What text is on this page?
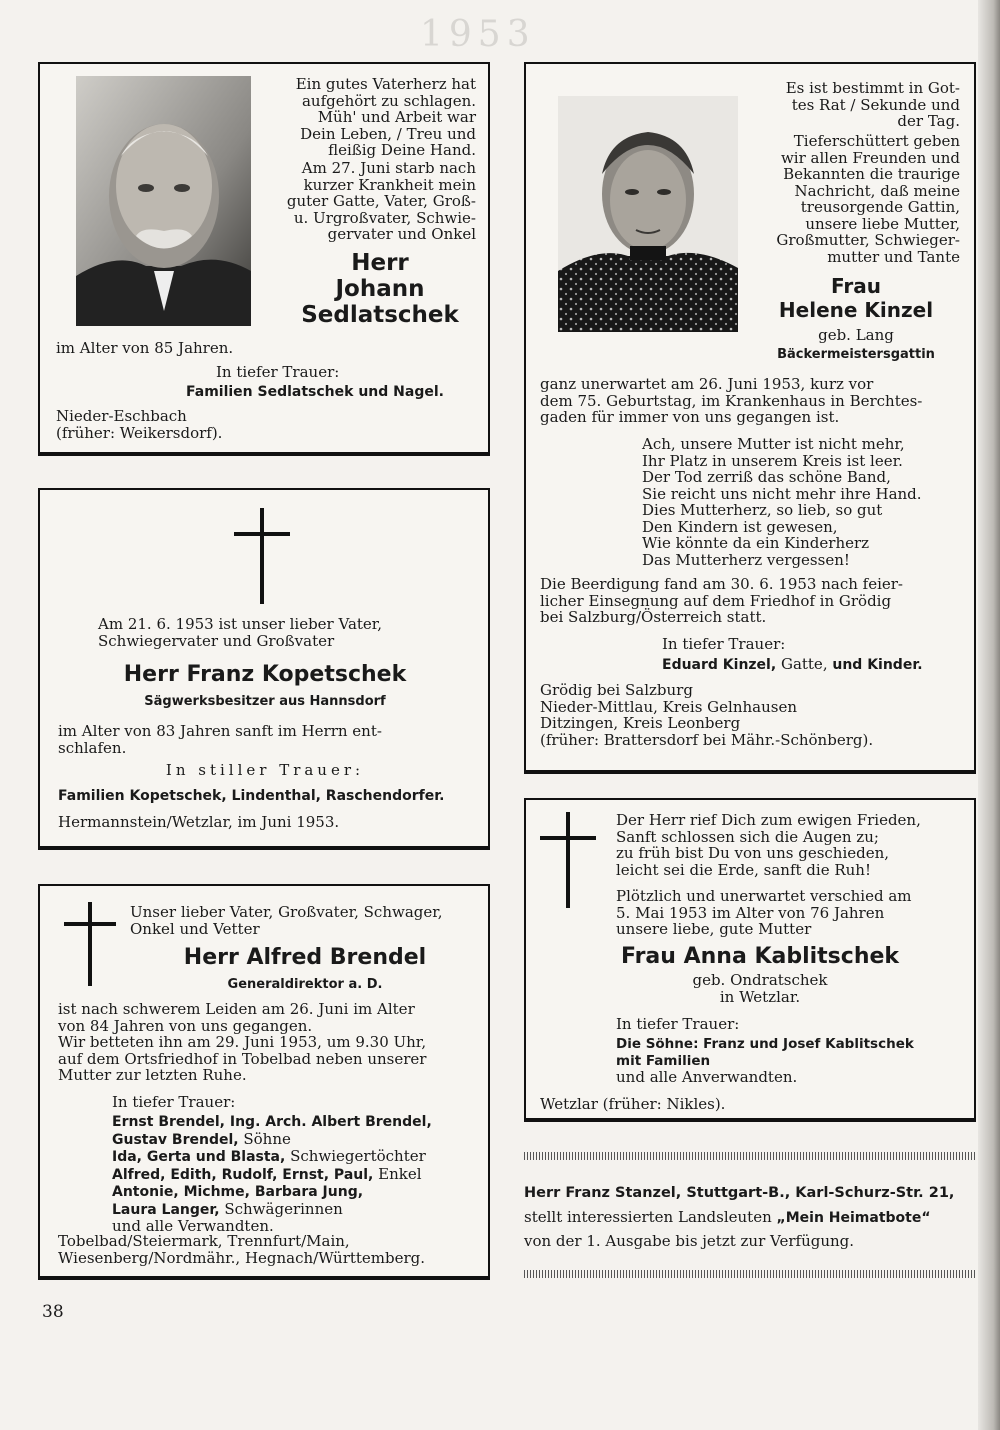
1953
Ein gutes Vaterherz hat
aufgehört zu schlagen.
Müh' und Arbeit war
Dein Leben, / Treu und
fleißig Deine Hand.
Am 27. Juni starb nach
kurzer Krankheit mein
guter Gatte, Vater, Groß-
u. Urgroßvater, Schwie-
gervater und Onkel
Herr
Johann
Sedlatschek
im Alter von 85 Jahren.
In tiefer Trauer:
Familien Sedlatschek und Nagel.
Nieder-Eschbach
(früher: Weikersdorf).
Am 21. 6. 1953 ist unser lieber Vater,
Schwiegervater und Großvater
Herr Franz Kopetschek
Sägwerksbesitzer aus Hannsdorf
im Alter von 83 Jahren sanft im Herrn ent-
schlafen.
In stiller Trauer:
Familien Kopetschek, Lindenthal, Raschendorfer.
Hermannstein/Wetzlar, im Juni 1953.
Unser lieber Vater, Großvater, Schwager,
Onkel und Vetter
Herr Alfred Brendel
Generaldirektor a. D.
ist nach schwerem Leiden am 26. Juni im Alter
von 84 Jahren von uns gegangen.
Wir betteten ihn am 29. Juni 1953, um 9.30 Uhr,
auf dem Ortsfriedhof in Tobelbad neben unserer
Mutter zur letzten Ruhe.
In tiefer Trauer:
Ernst Brendel, Ing. Arch. Albert Brendel,
Gustav Brendel, Söhne
Ida, Gerta und Blasta, Schwiegertöchter
Alfred, Edith, Rudolf, Ernst, Paul, Enkel
Antonie, Michme, Barbara Jung,
Laura Langer, Schwägerinnen
und alle Verwandten.
Tobelbad/Steiermark, Trennfurt/Main,
Wiesenberg/Nordmähr., Hegnach/Württemberg.
Es ist bestimmt in Got-
tes Rat / Sekunde und
der Tag.
Tieferschüttert geben
wir allen Freunden und
Bekannten die traurige
Nachricht, daß meine
treusorgende Gattin,
unsere liebe Mutter,
Großmutter, Schwieger-
mutter und Tante
Frau
Helene Kinzel
geb. Lang
Bäckermeistersgattin
ganz unerwartet am 26. Juni 1953, kurz vor
dem 75. Geburtstag, im Krankenhaus in Berchtes-
gaden für immer von uns gegangen ist.
Ach, unsere Mutter ist nicht mehr,
Ihr Platz in unserem Kreis ist leer.
Der Tod zerriß das schöne Band,
Sie reicht uns nicht mehr ihre Hand.
Dies Mutterherz, so lieb, so gut
Den Kindern ist gewesen,
Wie könnte da ein Kinderherz
Das Mutterherz vergessen!
Die Beerdigung fand am 30. 6. 1953 nach feier-
licher Einsegnung auf dem Friedhof in Grödig
bei Salzburg/Österreich statt.
In tiefer Trauer:
Eduard Kinzel, Gatte, und Kinder.
Grödig bei Salzburg
Nieder-Mittlau, Kreis Gelnhausen
Ditzingen, Kreis Leonberg
(früher: Brattersdorf bei Mähr.-Schönberg).
Der Herr rief Dich zum ewigen Frieden,
Sanft schlossen sich die Augen zu;
zu früh bist Du von uns geschieden,
leicht sei die Erde, sanft die Ruh!
Plötzlich und unerwartet verschied am
5. Mai 1953 im Alter von 76 Jahren
unsere liebe, gute Mutter
Frau Anna Kablitschek
geb. Ondratschek
in Wetzlar.
In tiefer Trauer:
Die Söhne: Franz und Josef Kablitschek
mit Familien
und alle Anverwandten.
Wetzlar (früher: Nikles).
Herr Franz Stanzel, Stuttgart-B., Karl-Schurz-Str. 21,
stellt interessierten Landsleuten „Mein Heimatbote“
von der 1. Ausgabe bis jetzt zur Verfügung.
38
